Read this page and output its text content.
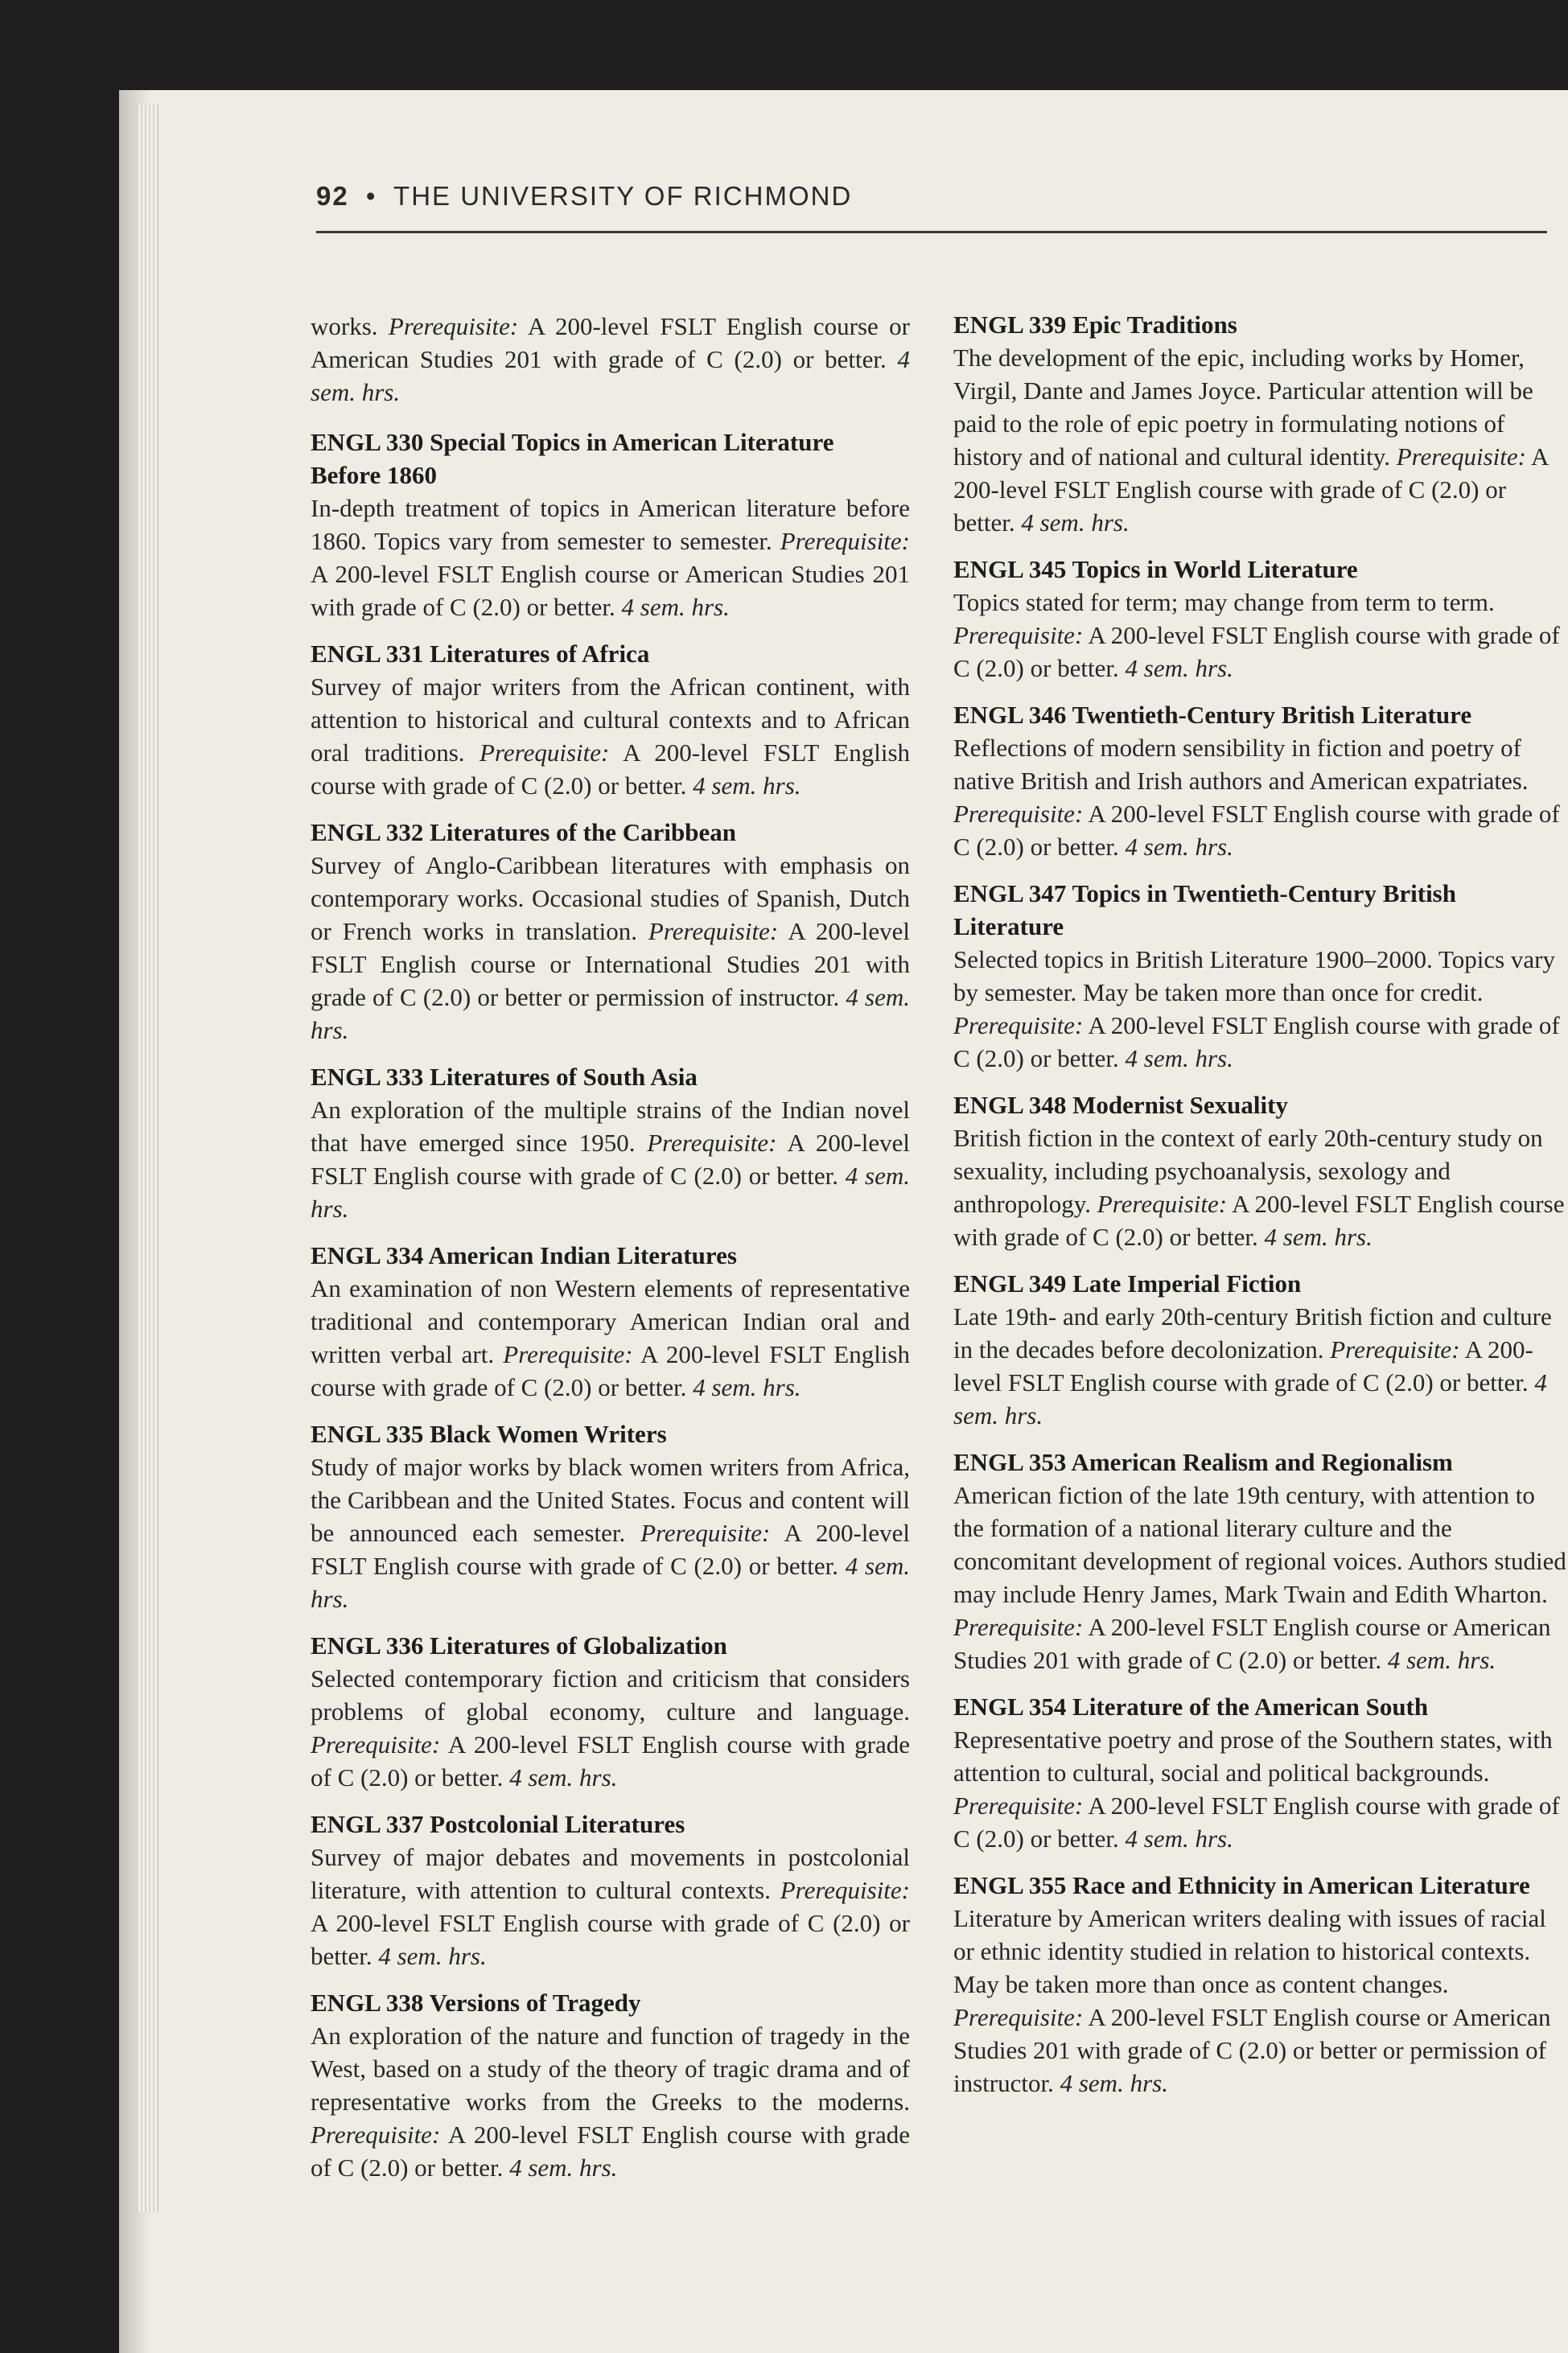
92 • THE UNIVERSITY OF RICHMOND

works. Prerequisite: A 200-level FSLT English course or American Studies 201 with grade of C (2.0) or better. 4 sem. hrs.

ENGL 330 Special Topics in American Literature Before 1860

In-depth treatment of topics in American literature before 1860. Topics vary from semester to semester. Prerequisite: A 200-level FSLT English course or American Studies 201 with grade of C (2.0) or better. 4 sem. hrs.

ENGL 331 Literatures of Africa

Survey of major writers from the African continent, with attention to historical and cultural contexts and to African oral traditions. Prerequisite: A 200-level FSLT English course with grade of C (2.0) or better. 4 sem. hrs.

ENGL 332 Literatures of the Caribbean

Survey of Anglo-Caribbean literatures with emphasis on contemporary works. Occasional studies of Spanish, Dutch or French works in translation. Prerequisite: A 200-level FSLT English course or International Studies 201 with grade of C (2.0) or better or permission of instructor. 4 sem. hrs.

ENGL 333 Literatures of South Asia

An exploration of the multiple strains of the Indian novel that have emerged since 1950. Prerequisite: A 200-level FSLT English course with grade of C (2.0) or better. 4 sem. hrs.

ENGL 334 American Indian Literatures

An examination of non Western elements of representative traditional and contemporary American Indian oral and written verbal art. Prerequisite: A 200-level FSLT English course with grade of C (2.0) or better. 4 sem. hrs.

ENGL 335 Black Women Writers

Study of major works by black women writers from Africa, the Caribbean and the United States. Focus and content will be announced each semester. Prerequisite: A 200-level FSLT English course with grade of C (2.0) or better. 4 sem. hrs.

ENGL 336 Literatures of Globalization

Selected contemporary fiction and criticism that considers problems of global economy, culture and language. Prerequisite: A 200-level FSLT English course with grade of C (2.0) or better. 4 sem. hrs.

ENGL 337 Postcolonial Literatures

Survey of major debates and movements in postcolonial literature, with attention to cultural contexts. Prerequisite: A 200-level FSLT English course with grade of C (2.0) or better. 4 sem. hrs.

ENGL 338 Versions of Tragedy

An exploration of the nature and function of tragedy in the West, based on a study of the theory of tragic drama and of representative works from the Greeks to the moderns. Prerequisite: A 200-level FSLT English course with grade of C (2.0) or better. 4 sem. hrs.

ENGL 339 Epic Traditions

The development of the epic, including works by Homer, Virgil, Dante and James Joyce. Particular attention will be paid to the role of epic poetry in formulating notions of history and of national and cultural identity. Prerequisite: A 200-level FSLT English course with grade of C (2.0) or better. 4 sem. hrs.

ENGL 345 Topics in World Literature

Topics stated for term; may change from term to term. Prerequisite: A 200-level FSLT English course with grade of C (2.0) or better. 4 sem. hrs.

ENGL 346 Twentieth-Century British Literature

Reflections of modern sensibility in fiction and poetry of native British and Irish authors and American expatriates. Prerequisite: A 200-level FSLT English course with grade of C (2.0) or better. 4 sem. hrs.

ENGL 347 Topics in Twentieth-Century British Literature

Selected topics in British Literature 1900–2000. Topics vary by semester. May be taken more than once for credit. Prerequisite: A 200-level FSLT English course with grade of C (2.0) or better. 4 sem. hrs.

ENGL 348 Modernist Sexuality

British fiction in the context of early 20th-century study on sexuality, including psychoanalysis, sexology and anthropology. Prerequisite: A 200-level FSLT English course with grade of C (2.0) or better. 4 sem. hrs.

ENGL 349 Late Imperial Fiction

Late 19th- and early 20th-century British fiction and culture in the decades before decolonization. Prerequisite: A 200-level FSLT English course with grade of C (2.0) or better. 4 sem. hrs.

ENGL 353 American Realism and Regionalism

American fiction of the late 19th century, with attention to the formation of a national literary culture and the concomitant development of regional voices. Authors studied may include Henry James, Mark Twain and Edith Wharton. Prerequisite: A 200-level FSLT English course or American Studies 201 with grade of C (2.0) or better. 4 sem. hrs.

ENGL 354 Literature of the American South

Representative poetry and prose of the Southern states, with attention to cultural, social and political backgrounds. Prerequisite: A 200-level FSLT English course with grade of C (2.0) or better. 4 sem. hrs.

ENGL 355 Race and Ethnicity in American Literature

Literature by American writers dealing with issues of racial or ethnic identity studied in relation to historical contexts. May be taken more than once as content changes. Prerequisite: A 200-level FSLT English course or American Studies 201 with grade of C (2.0) or better or permission of instructor. 4 sem. hrs.
